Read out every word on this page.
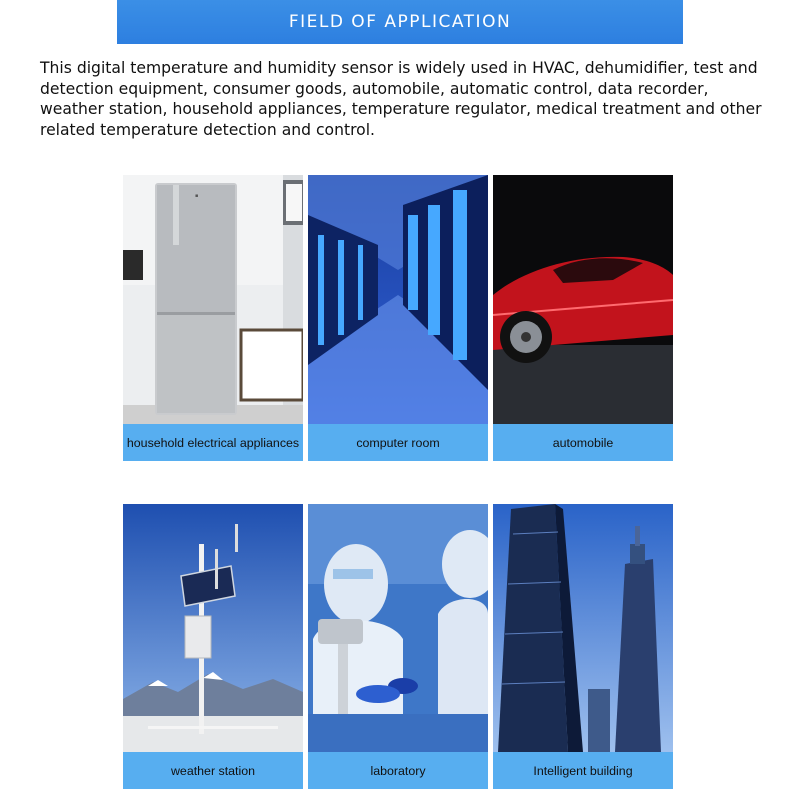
FIELD OF APPLICATION

This digital temperature and humidity sensor is widely used in HVAC, dehumidifier, test and detection equipment, consumer goods, automobile, automatic control, data recorder, weather station, household appliances, temperature regulator, medical treatment and other related temperature detection and control.

▪
household electrical appliances	computer room	automobile
weather station	laboratory	Intelligent building
